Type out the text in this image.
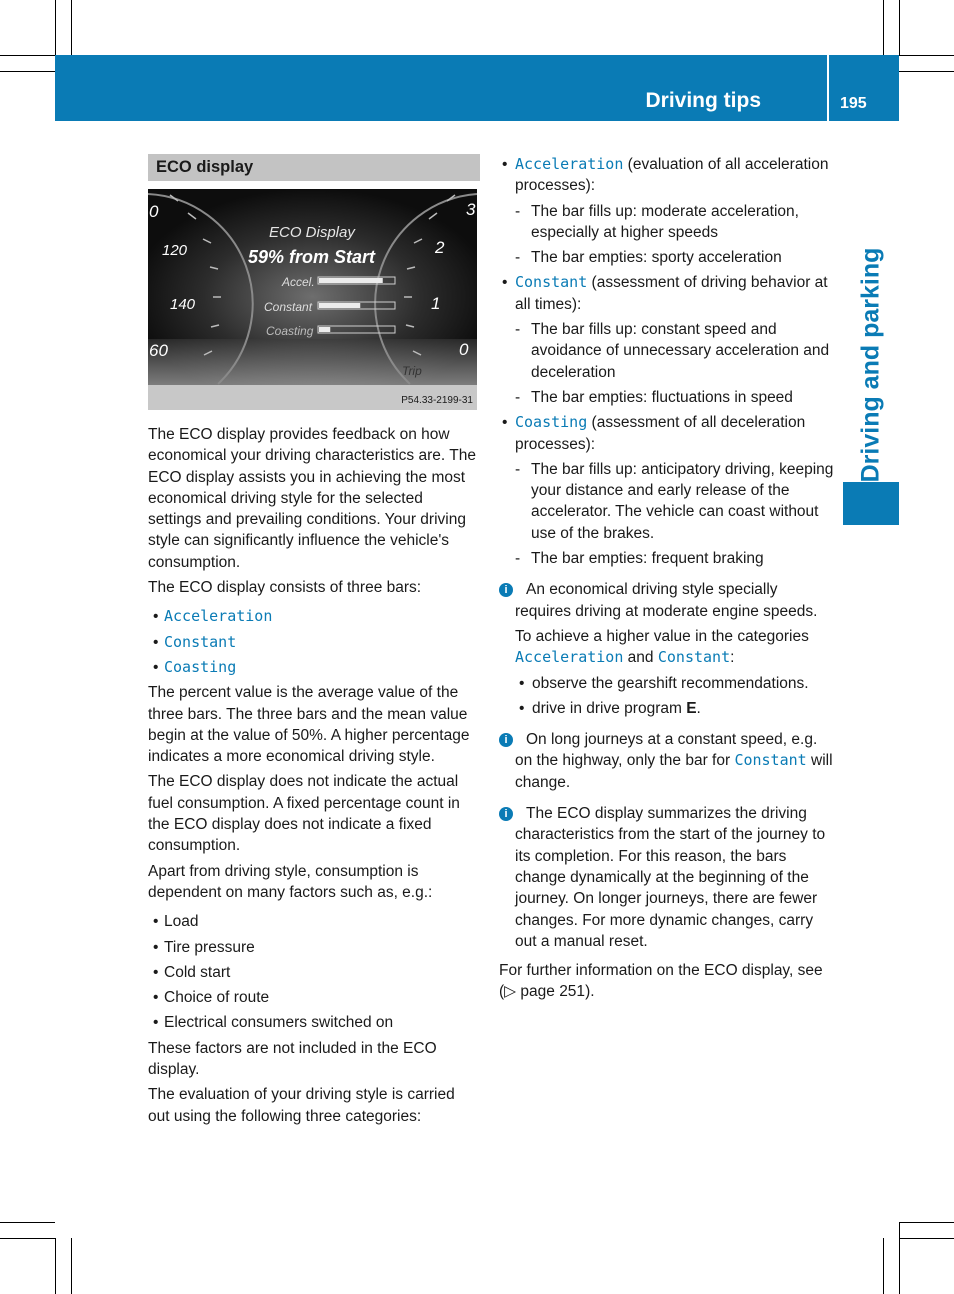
Driving tips	195
Driving and parking
ECO display
0
120
140
60
3
2
1
0
ECO Display
59% from Start
Accel.
Constant
Coasting
Trip
P54.33-2199-31

The ECO display provides feedback on how economical your driving characteristics are. The ECO display assists you in achieving the most economical driving style for the selected settings and prevailing conditions. Your driving style can significantly influence the vehicle's consumption.

The ECO display consists of three bars:

• Acceleration
• Constant
• Coasting

The percent value is the average value of the three bars. The three bars and the mean value begin at the value of 50%. A higher percentage indicates a more economical driving style.

The ECO display does not indicate the actual fuel consumption. A fixed percentage count in the ECO display does not indicate a fixed consumption.

Apart from driving style, consumption is dependent on many factors such as, e.g.:

• Load
• Tire pressure
• Cold start
• Choice of route
• Electrical consumers switched on

These factors are not included in the ECO display.

The evaluation of your driving style is carried out using the following three categories:

• Acceleration (evaluation of all acceleration processes):
- The bar fills up: moderate acceleration, especially at higher speeds
- The bar empties: sporty acceleration
• Constant (assessment of driving behavior at all times):
- The bar fills up: constant speed and avoidance of unnecessary acceleration and deceleration
- The bar empties: fluctuations in speed
• Coasting (assessment of all deceleration processes):
- The bar fills up: anticipatory driving, keeping your distance and early release of the accelerator. The vehicle can coast without use of the brakes.
- The bar empties: frequent braking
i	An economical driving style specially requires driving at moderate engine speeds.

To achieve a higher value in the categories Acceleration and Constant:

• observe the gearshift recommendations.
• drive in drive program E.
i	On long journeys at a constant speed, e.g. on the highway, only the bar for Constant will change.

i	The ECO display summarizes the driving characteristics from the start of the journey to its completion. For this reason, the bars change dynamically at the beginning of the journey. On longer journeys, there are fewer changes. For more dynamic changes, carry out a manual reset.

For further information on the ECO display, see (▷ page 251).
